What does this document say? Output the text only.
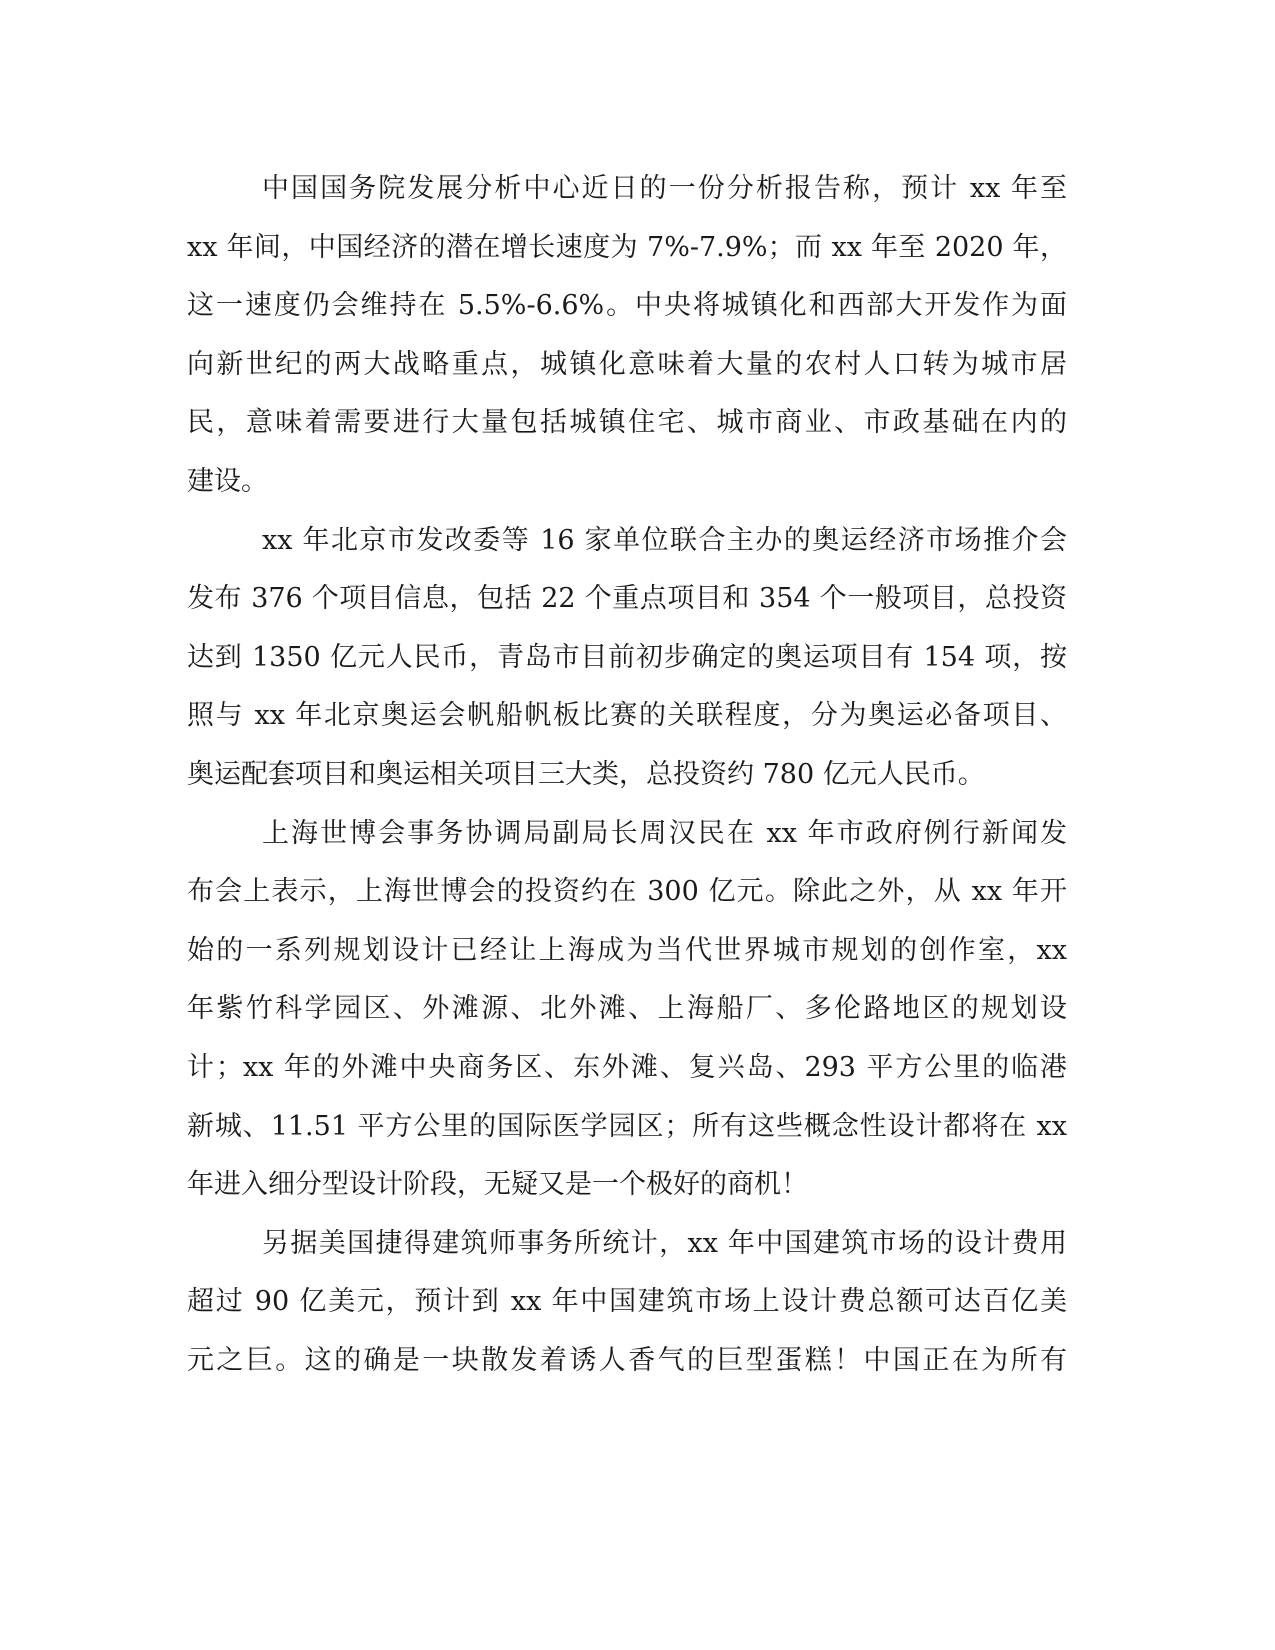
中国国务院发展分析中心近日的一份分析报告称，预计 xx 年至
xx 年间，中国经济的潜在增长速度为 7%-7.9%；而 xx 年至 2020 年，
这一速度仍会维持在 5.5%-6.6%。中央将城镇化和西部大开发作为面
向新世纪的两大战略重点，城镇化意味着大量的农村人口转为城市居
民，意味着需要进行大量包括城镇住宅、城市商业、市政基础在内的
建设。
xx 年北京市发改委等 16 家单位联合主办的奥运经济市场推介会
发布 376 个项目信息，包括 22 个重点项目和 354 个一般项目，总投资
达到 1350 亿元人民币，青岛市目前初步确定的奥运项目有 154 项，按
照与 xx 年北京奥运会帆船帆板比赛的关联程度，分为奥运必备项目、
奥运配套项目和奥运相关项目三大类，总投资约 780 亿元人民币。
上海世博会事务协调局副局长周汉民在 xx 年市政府例行新闻发
布会上表示，上海世博会的投资约在 300 亿元。除此之外，从 xx 年开
始的一系列规划设计已经让上海成为当代世界城市规划的创作室，xx
年紫竹科学园区、外滩源、北外滩、上海船厂、多伦路地区的规划设
计；xx 年的外滩中央商务区、东外滩、复兴岛、293 平方公里的临港
新城、11.51 平方公里的国际医学园区；所有这些概念性设计都将在 xx
年进入细分型设计阶段，无疑又是一个极好的商机！
另据美国捷得建筑师事务所统计，xx 年中国建筑市场的设计费用
超过 90 亿美元，预计到 xx 年中国建筑市场上设计费总额可达百亿美
元之巨。这的确是一块散发着诱人香气的巨型蛋糕！中国正在为所有
